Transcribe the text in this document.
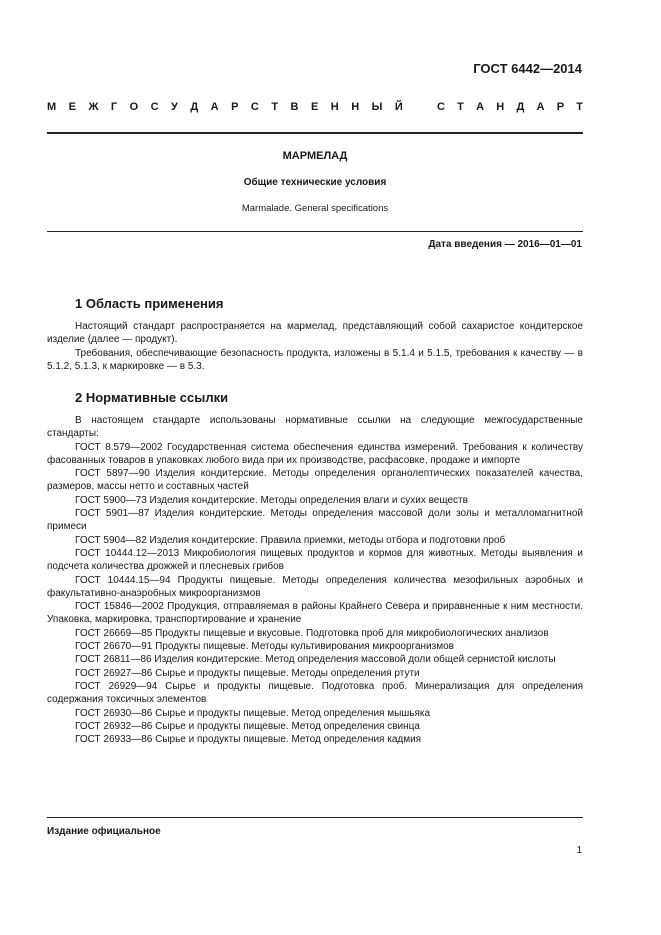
ГОСТ 6442—2014
М Е Ж Г О С У Д А Р С Т В Е Н Н Ы Й	С Т А Н Д А Р Т
МАРМЕЛАД
Общие технические условия
Marmalade. General specifications
Дата введения — 2016—01—01
1 Область применения

Настоящий стандарт распространяется на мармелад, представляющий собой сахаристое кондитерское изделие (далее — продукт).

Требования, обеспечивающие безопасность продукта, изложены в 5.1.4 и 5.1.5, требования к качеству — в 5.1.2, 5.1.3, к маркировке — в 5.3.

2 Нормативные ссылки

В настоящем стандарте использованы нормативные ссылки на следующие межгосударственные стандарты:

ГОСТ 8.579—2002 Государственная система обеспечения единства измерений. Требования к количеству фасованных товаров в упаковках любого вида при их производстве, расфасовке, продаже и импорте

ГОСТ 5897—90 Изделия кондитерские. Методы определения органолептических показателей качества, размеров, массы нетто и составных частей

ГОСТ 5900—73 Изделия кондитерские. Методы определения влаги и сухих веществ

ГОСТ 5901—87 Изделия кондитерские. Методы определения массовой доли золы и металломагнитной примеси

ГОСТ 5904—82 Изделия кондитерские. Правила приемки, методы отбора и подготовки проб

ГОСТ 10444.12—2013 Микробиология пищевых продуктов и кормов для животных. Методы выявления и подсчета количества дрожжей и плесневых грибов

ГОСТ 10444.15—94 Продукты пищевые. Методы определения количества мезофильных аэробных и факультативно-анаэробных микроорганизмов

ГОСТ 15846—2002 Продукция, отправляемая в районы Крайнего Севера и приравненные к ним местности. Упаковка, маркировка, транспортирование и хранение

ГОСТ 26669—85 Продукты пищевые и вкусовые. Подготовка проб для микробиологических анализов

ГОСТ 26670—91 Продукты пищевые. Методы культивирования микроорганизмов

ГОСТ 26811—86 Изделия кондитерские. Метод определения массовой доли общей сернистой кислоты

ГОСТ 26927—86 Сырье и продукты пищевые. Методы определения ртути

ГОСТ 26929—94 Сырье и продукты пищевые. Подготовка проб. Минерализация для определения содержания токсичных элементов

ГОСТ 26930—86 Сырье и продукты пищевые. Метод определения мышьяка

ГОСТ 26932—86 Сырье и продукты пищевые. Метод определения свинца

ГОСТ 26933—86 Сырье и продукты пищевые. Метод определения кадмия

Издание официальное
1
